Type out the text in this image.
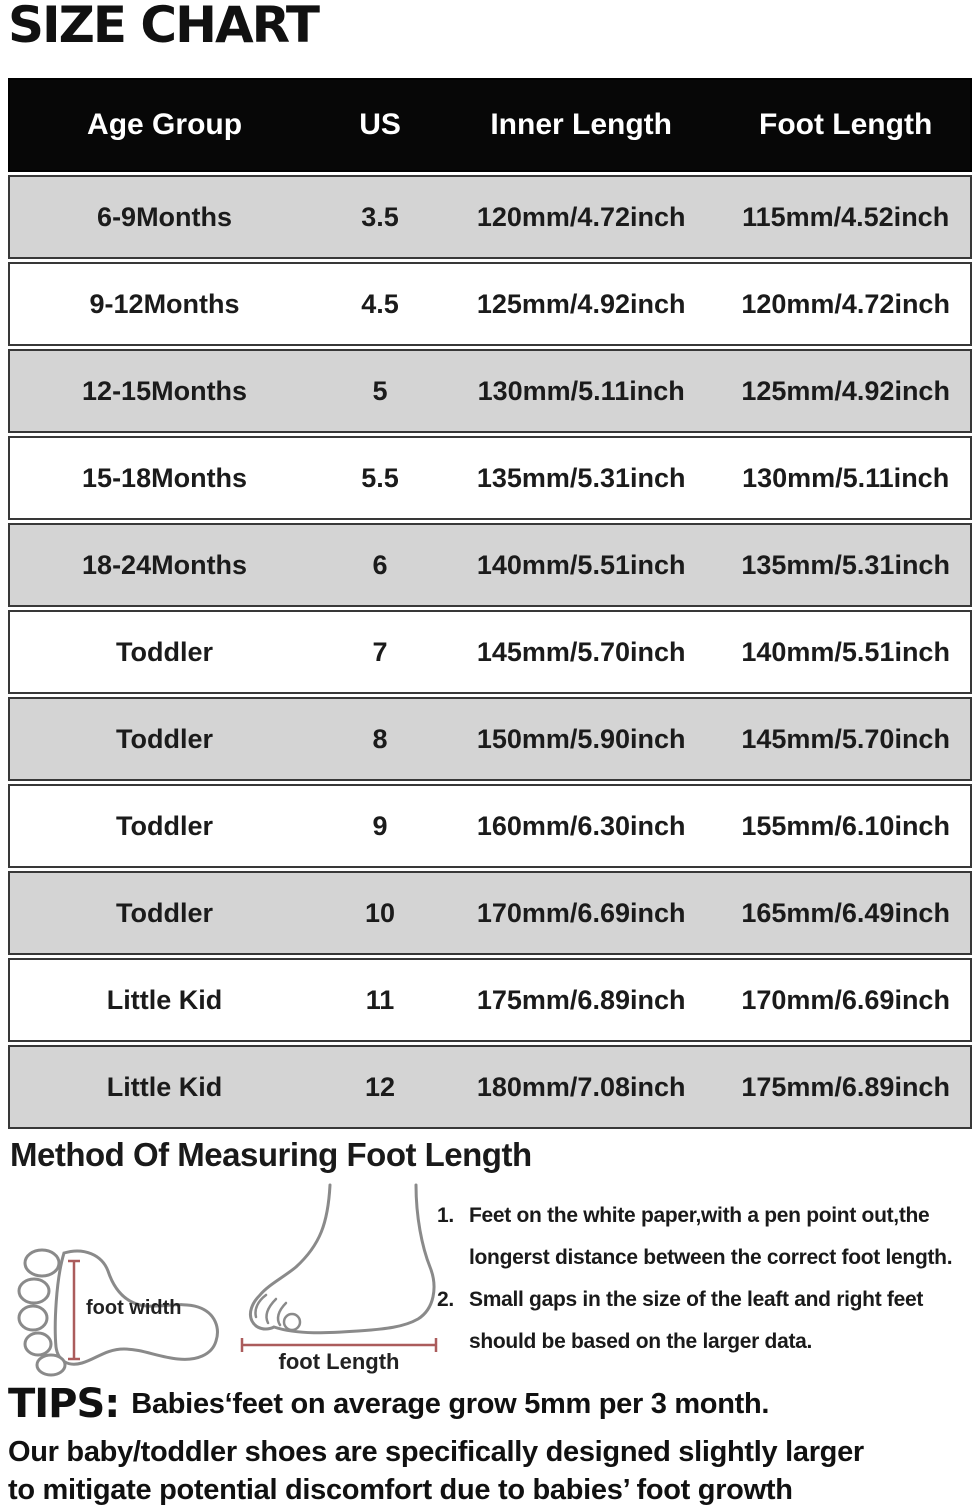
SIZE CHART
Age Group	US	Inner Length	Foot Length
6-9Months	3.5	120mm/4.72inch	115mm/4.52inch
9-12Months	4.5	125mm/4.92inch	120mm/4.72inch
12-15Months	5	130mm/5.11inch	125mm/4.92inch
15-18Months	5.5	135mm/5.31inch	130mm/5.11inch
18-24Months	6	140mm/5.51inch	135mm/5.31inch
Toddler	7	145mm/5.70inch	140mm/5.51inch
Toddler	8	150mm/5.90inch	145mm/5.70inch
Toddler	9	160mm/6.30inch	155mm/6.10inch
Toddler	10	170mm/6.69inch	165mm/6.49inch
Little Kid	11	175mm/6.89inch	170mm/6.69inch
Little Kid	12	180mm/7.08inch	175mm/6.89inch
Method Of Measuring Foot Length
foot width
foot Length
1. Feet on the white paper,with a pen point out,the
longerst distance between the correct foot length.
2. Small gaps in the size of the leaft and right feet
should be based on the larger data.
TIPS: Babies‘feet on average grow 5mm per 3 month.
Our baby/toddler shoes are specifically designed slightly larger
to mitigate potential discomfort due to babies’ foot growth
